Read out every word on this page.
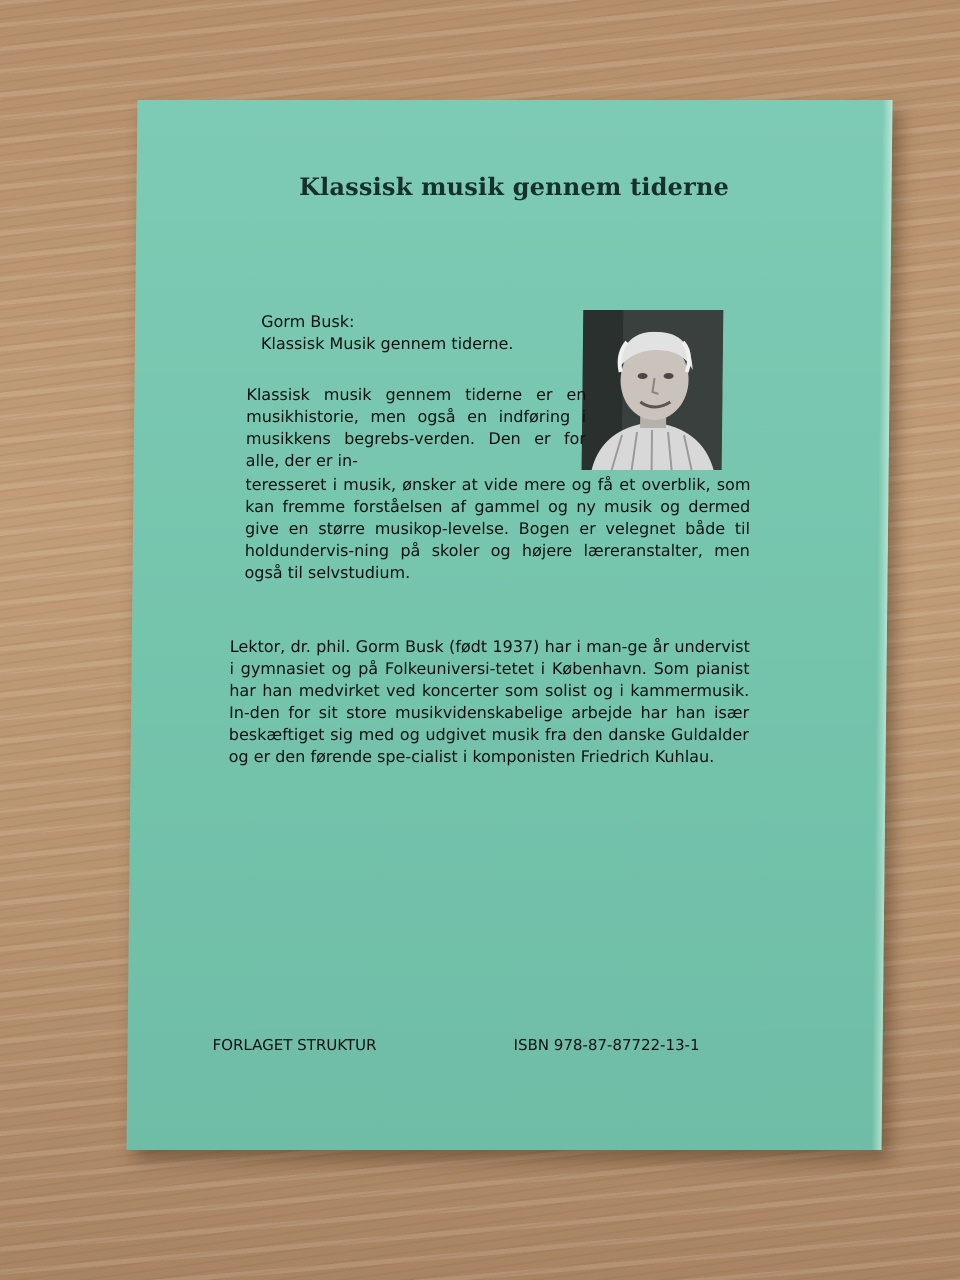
Klassisk musik gennem tiderne
Gorm Busk:
Klassisk Musik gennem tiderne.
Klassisk musik gennem tiderne er en musikhistorie, men også en indføring i musikkens begrebs-verden. Den er for alle, der er in-
teresseret i musik, ønsker at vide mere og få et overblik, som kan fremme forståelsen af gammel og ny musik og dermed give en større musikop-levelse. Bogen er velegnet både til holdundervis-ning på skoler og højere læreranstalter, men også til selvstudium.
Lektor, dr. phil. Gorm Busk (født 1937) har i man-ge år undervist i gymnasiet og på Folkeuniversi-tetet i København. Som pianist har han medvirket ved koncerter som solist og i kammermusik. In-den for sit store musikvidenskabelige arbejde har han især beskæftiget sig med og udgivet musik fra den danske Guldalder og er den førende spe-cialist i komponisten Friedrich Kuhlau.
FORLAGET STRUKTUR	ISBN 978-87-87722-13-1
